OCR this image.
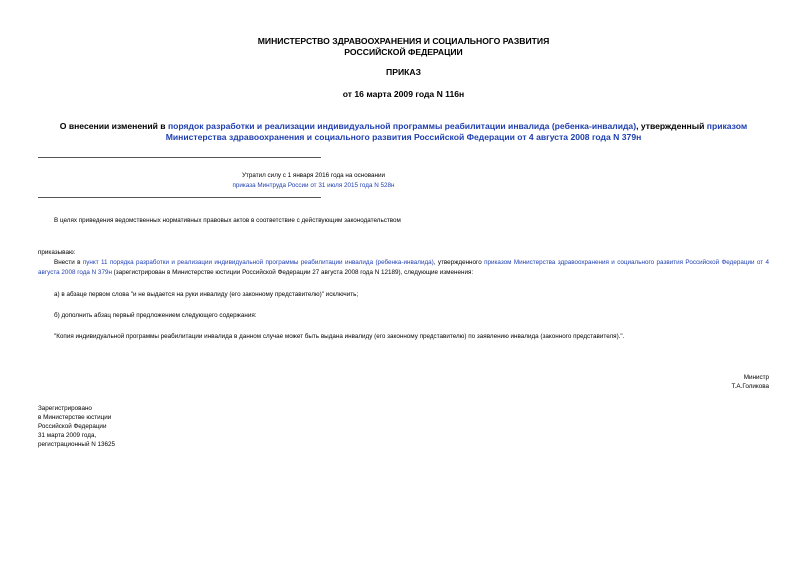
МИНИСТЕРСТВО ЗДРАВООХРАНЕНИЯ И СОЦИАЛЬНОГО РАЗВИТИЯ
РОССИЙСКОЙ ФЕДЕРАЦИИ
ПРИКАЗ
от 16 марта 2009 года N 116н
О внесении изменений в порядок разработки и реализации индивидуальной программы реабилитации инвалида (ребенка-инвалида), утвержденный приказом Министерства здравоохранения и социального развития Российской Федерации от 4 августа 2008 года N 379н
Утратил силу с 1 января 2016 года на основании
приказа Минтруда России от 31 июля 2015 года N 528н
В целях приведения ведомственных нормативных правовых актов в соответствие с действующим законодательством
приказываю:
Внести в пункт 11 порядка разработки и реализации индивидуальной программы реабилитации инвалида (ребенка-инвалида), утвержденного приказом Министерства здравоохранения и социального развития Российской Федерации от 4 августа 2008 года N 379н (зарегистрирован в Министерстве юстиции Российской Федерации 27 августа 2008 года N 12189), следующие изменения:
а) в абзаце первом слова "и не выдается на руки инвалиду (его законному представителю)" исключить;
б) дополнить абзац первый предложением следующего содержания:
"Копия индивидуальной программы реабилитации инвалида в данном случае может быть выдана инвалиду (его законному представителю) по заявлению инвалида (законного представителя).".
Министр
Т.А.Голикова
Зарегистрировано
в Министерстве юстиции
Российской Федерации
31 марта 2009 года,
регистрационный N 13625
